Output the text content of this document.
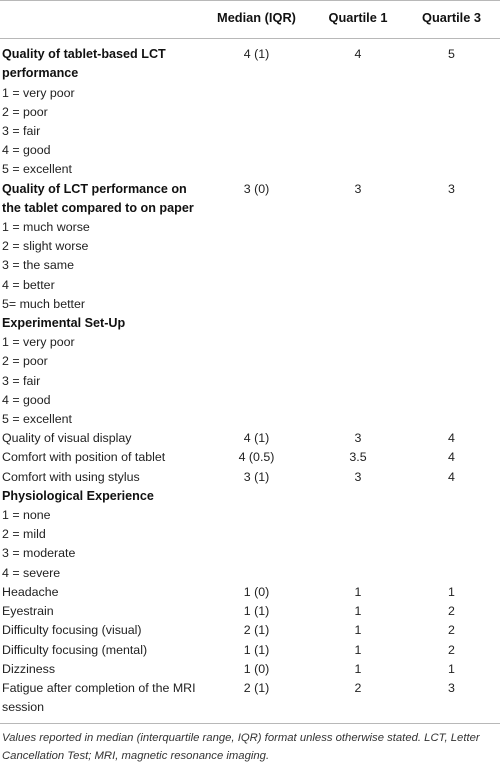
	Median (IQR)	Quartile 1	Quartile 3
Quality of tablet-based LCT performance	4 (1)	4	5
1 = very poor			
2 = poor			
3 = fair			
4 = good			
5 = excellent			
Quality of LCT performance on the tablet compared to on paper	3 (0)	3	3
1 = much worse			
2 = slight worse			
3 = the same			
4 = better			
5= much better			
Experimental Set-Up			
1 = very poor			
2 = poor			
3 = fair			
4 = good			
5 = excellent			
Quality of visual display	4 (1)	3	4
Comfort with position of tablet	4 (0.5)	3.5	4
Comfort with using stylus	3 (1)	3	4
Physiological Experience			
1 = none			
2 = mild			
3 = moderate			
4 = severe			
Headache	1 (0)	1	1
Eyestrain	1 (1)	1	2
Difficulty focusing (visual)	2 (1)	1	2
Difficulty focusing (mental)	1 (1)	1	2
Dizziness	1 (0)	1	1
Fatigue after completion of the MRI session	2 (1)	2	3
Values reported in median (interquartile range, IQR) format unless otherwise stated. LCT, Letter Cancellation Test; MRI, magnetic resonance imaging.
